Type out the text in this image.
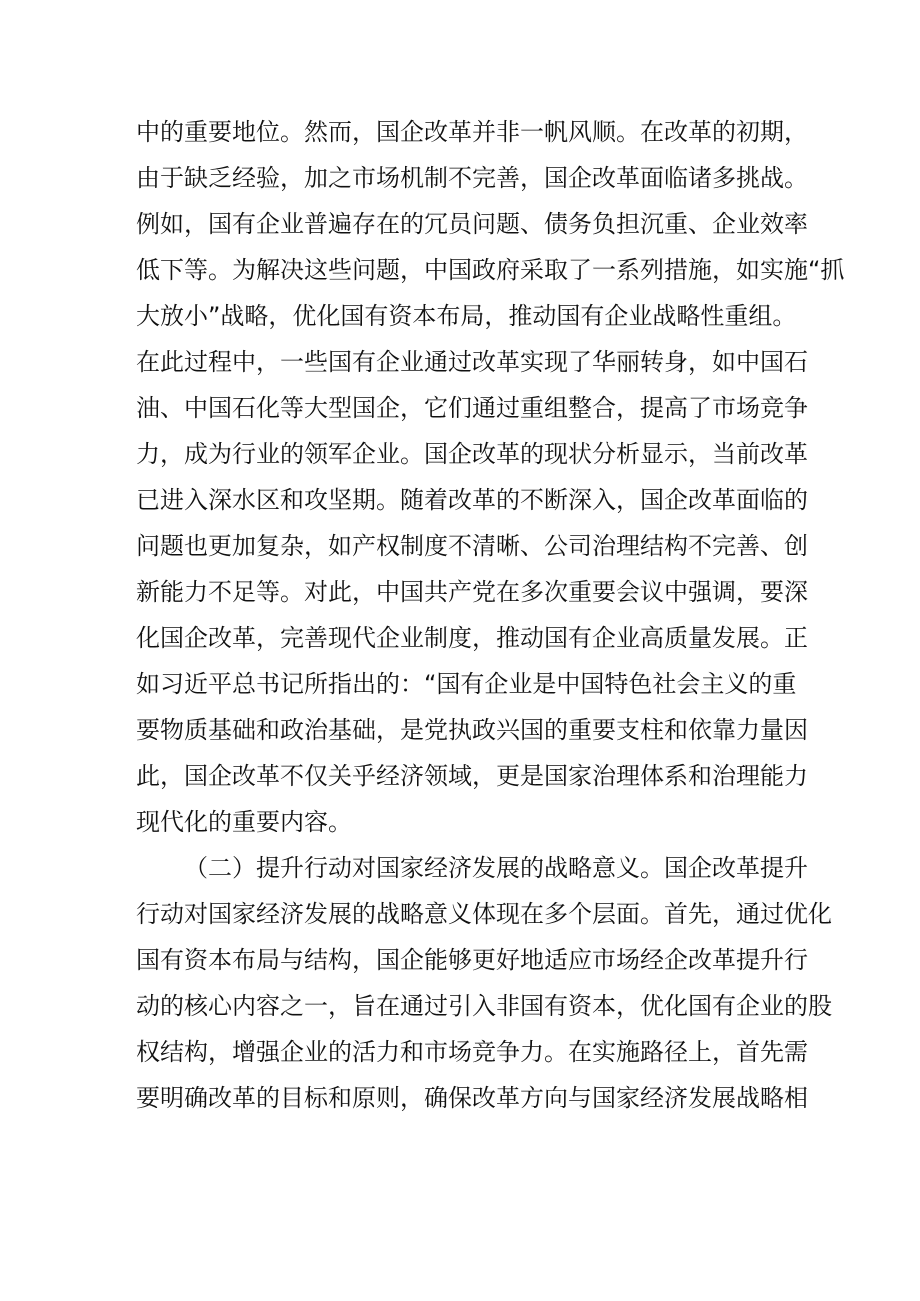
中的重要地位。然而，国企改革并非一帆风顺。在改革的初期，
由于缺乏经验，加之市场机制不完善，国企改革面临诸多挑战。
例如，国有企业普遍存在的冗员问题、债务负担沉重、企业效率
低下等。为解决这些问题，中国政府采取了一系列措施，如实施“抓
大放小”战略，优化国有资本布局，推动国有企业战略性重组。
在此过程中，一些国有企业通过改革实现了华丽转身，如中国石
油、中国石化等大型国企，它们通过重组整合，提高了市场竞争
力，成为行业的领军企业。国企改革的现状分析显示，当前改革
已进入深水区和攻坚期。随着改革的不断深入，国企改革面临的
问题也更加复杂，如产权制度不清晰、公司治理结构不完善、创
新能力不足等。对此，中国共产党在多次重要会议中强调，要深
化国企改革，完善现代企业制度，推动国有企业高质量发展。正
如习近平总书记所指出的：“国有企业是中国特色社会主义的重
要物质基础和政治基础，是党执政兴国的重要支柱和依靠力量因
此，国企改革不仅关乎经济领域，更是国家治理体系和治理能力
现代化的重要内容。
（二）提升行动对国家经济发展的战略意义。国企改革提升
行动对国家经济发展的战略意义体现在多个层面。首先，通过优化
国有资本布局与结构，国企能够更好地适应市场经企改革提升行
动的核心内容之一，旨在通过引入非国有资本，优化国有企业的股
权结构，增强企业的活力和市场竞争力。在实施路径上，首先需
要明确改革的目标和原则，确保改革方向与国家经济发展战略相
